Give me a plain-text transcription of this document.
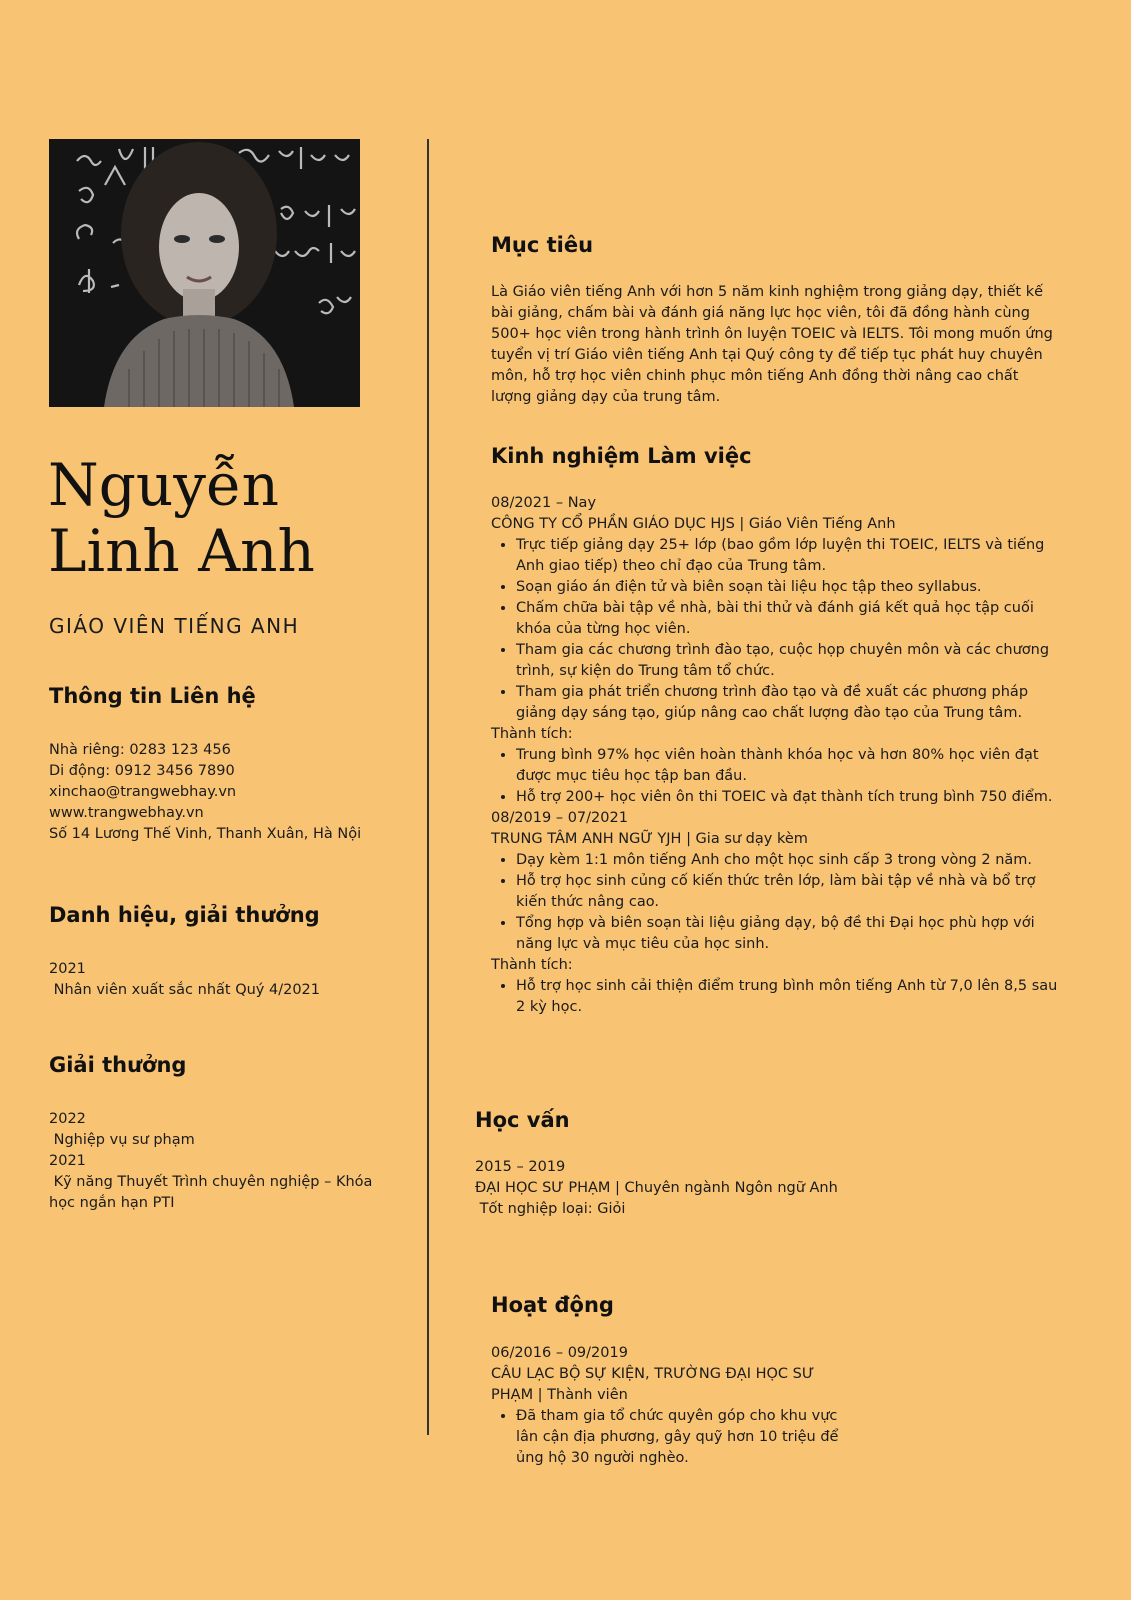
Nguyễn
Linh Anh
GIÁO VIÊN TIẾNG ANH
Thông tin Liên hệ
Nhà riêng: 0283 123 456
Di động: 0912 3456 7890
xinchao@trangwebhay.vn
www.trangwebhay.vn
Số 14 Lương Thế Vinh, Thanh Xuân, Hà Nội
Danh hiệu, giải thưởng
2021
Nhân viên xuất sắc nhất Quý 4/2021
Giải thưởng
2022
Nghiệp vụ sư phạm
2021
Kỹ năng Thuyết Trình chuyên nghiệp – Khóa học ngắn hạn PTI
Mục tiêu
Là Giáo viên tiếng Anh với hơn 5 năm kinh nghiệm trong giảng dạy, thiết kế bài giảng, chấm bài và đánh giá năng lực học viên, tôi đã đồng hành cùng 500+ học viên trong hành trình ôn luyện TOEIC và IELTS. Tôi mong muốn ứng tuyển vị trí Giáo viên tiếng Anh tại Quý công ty để tiếp tục phát huy chuyên môn, hỗ trợ học viên chinh phục môn tiếng Anh đồng thời nâng cao chất lượng giảng dạy của trung tâm.
Kinh nghiệm Làm việc
08/2021 – Nay
CÔNG TY CỔ PHẦN GIÁO DỤC HJS | Giáo Viên Tiếng Anh
• Trực tiếp giảng dạy 25+ lớp (bao gồm lớp luyện thi TOEIC, IELTS và tiếng Anh giao tiếp) theo chỉ đạo của Trung tâm.
• Soạn giáo án điện tử và biên soạn tài liệu học tập theo syllabus.
• Chấm chữa bài tập về nhà, bài thi thử và đánh giá kết quả học tập cuối khóa của từng học viên.
• Tham gia các chương trình đào tạo, cuộc họp chuyên môn và các chương trình, sự kiện do Trung tâm tổ chức.
• Tham gia phát triển chương trình đào tạo và đề xuất các phương pháp giảng dạy sáng tạo, giúp nâng cao chất lượng đào tạo của Trung tâm.
Thành tích:
• Trung bình 97% học viên hoàn thành khóa học và hơn 80% học viên đạt được mục tiêu học tập ban đầu.
• Hỗ trợ 200+ học viên ôn thi TOEIC và đạt thành tích trung bình 750 điểm.
08/2019 – 07/2021
TRUNG TÂM ANH NGỮ YJH | Gia sư dạy kèm
• Dạy kèm 1:1 môn tiếng Anh cho một học sinh cấp 3 trong vòng 2 năm.
• Hỗ trợ học sinh củng cố kiến thức trên lớp, làm bài tập về nhà và bổ trợ kiến thức nâng cao.
• Tổng hợp và biên soạn tài liệu giảng dạy, bộ đề thi Đại học phù hợp với năng lực và mục tiêu của học sinh.
Thành tích:
• Hỗ trợ học sinh cải thiện điểm trung bình môn tiếng Anh từ 7,0 lên 8,5 sau 2 kỳ học.
Học vấn
2015 – 2019
ĐẠI HỌC SƯ PHẠM | Chuyên ngành Ngôn ngữ Anh
Tốt nghiệp loại: Giỏi
Hoạt động
06/2016 – 09/2019
CÂU LẠC BỘ SỰ KIỆN, TRƯỜNG ĐẠI HỌC SƯ PHẠM | Thành viên
• Đã tham gia tổ chức quyên góp cho khu vực lân cận địa phương, gây quỹ hơn 10 triệu để ủng hộ 30 người nghèo.
